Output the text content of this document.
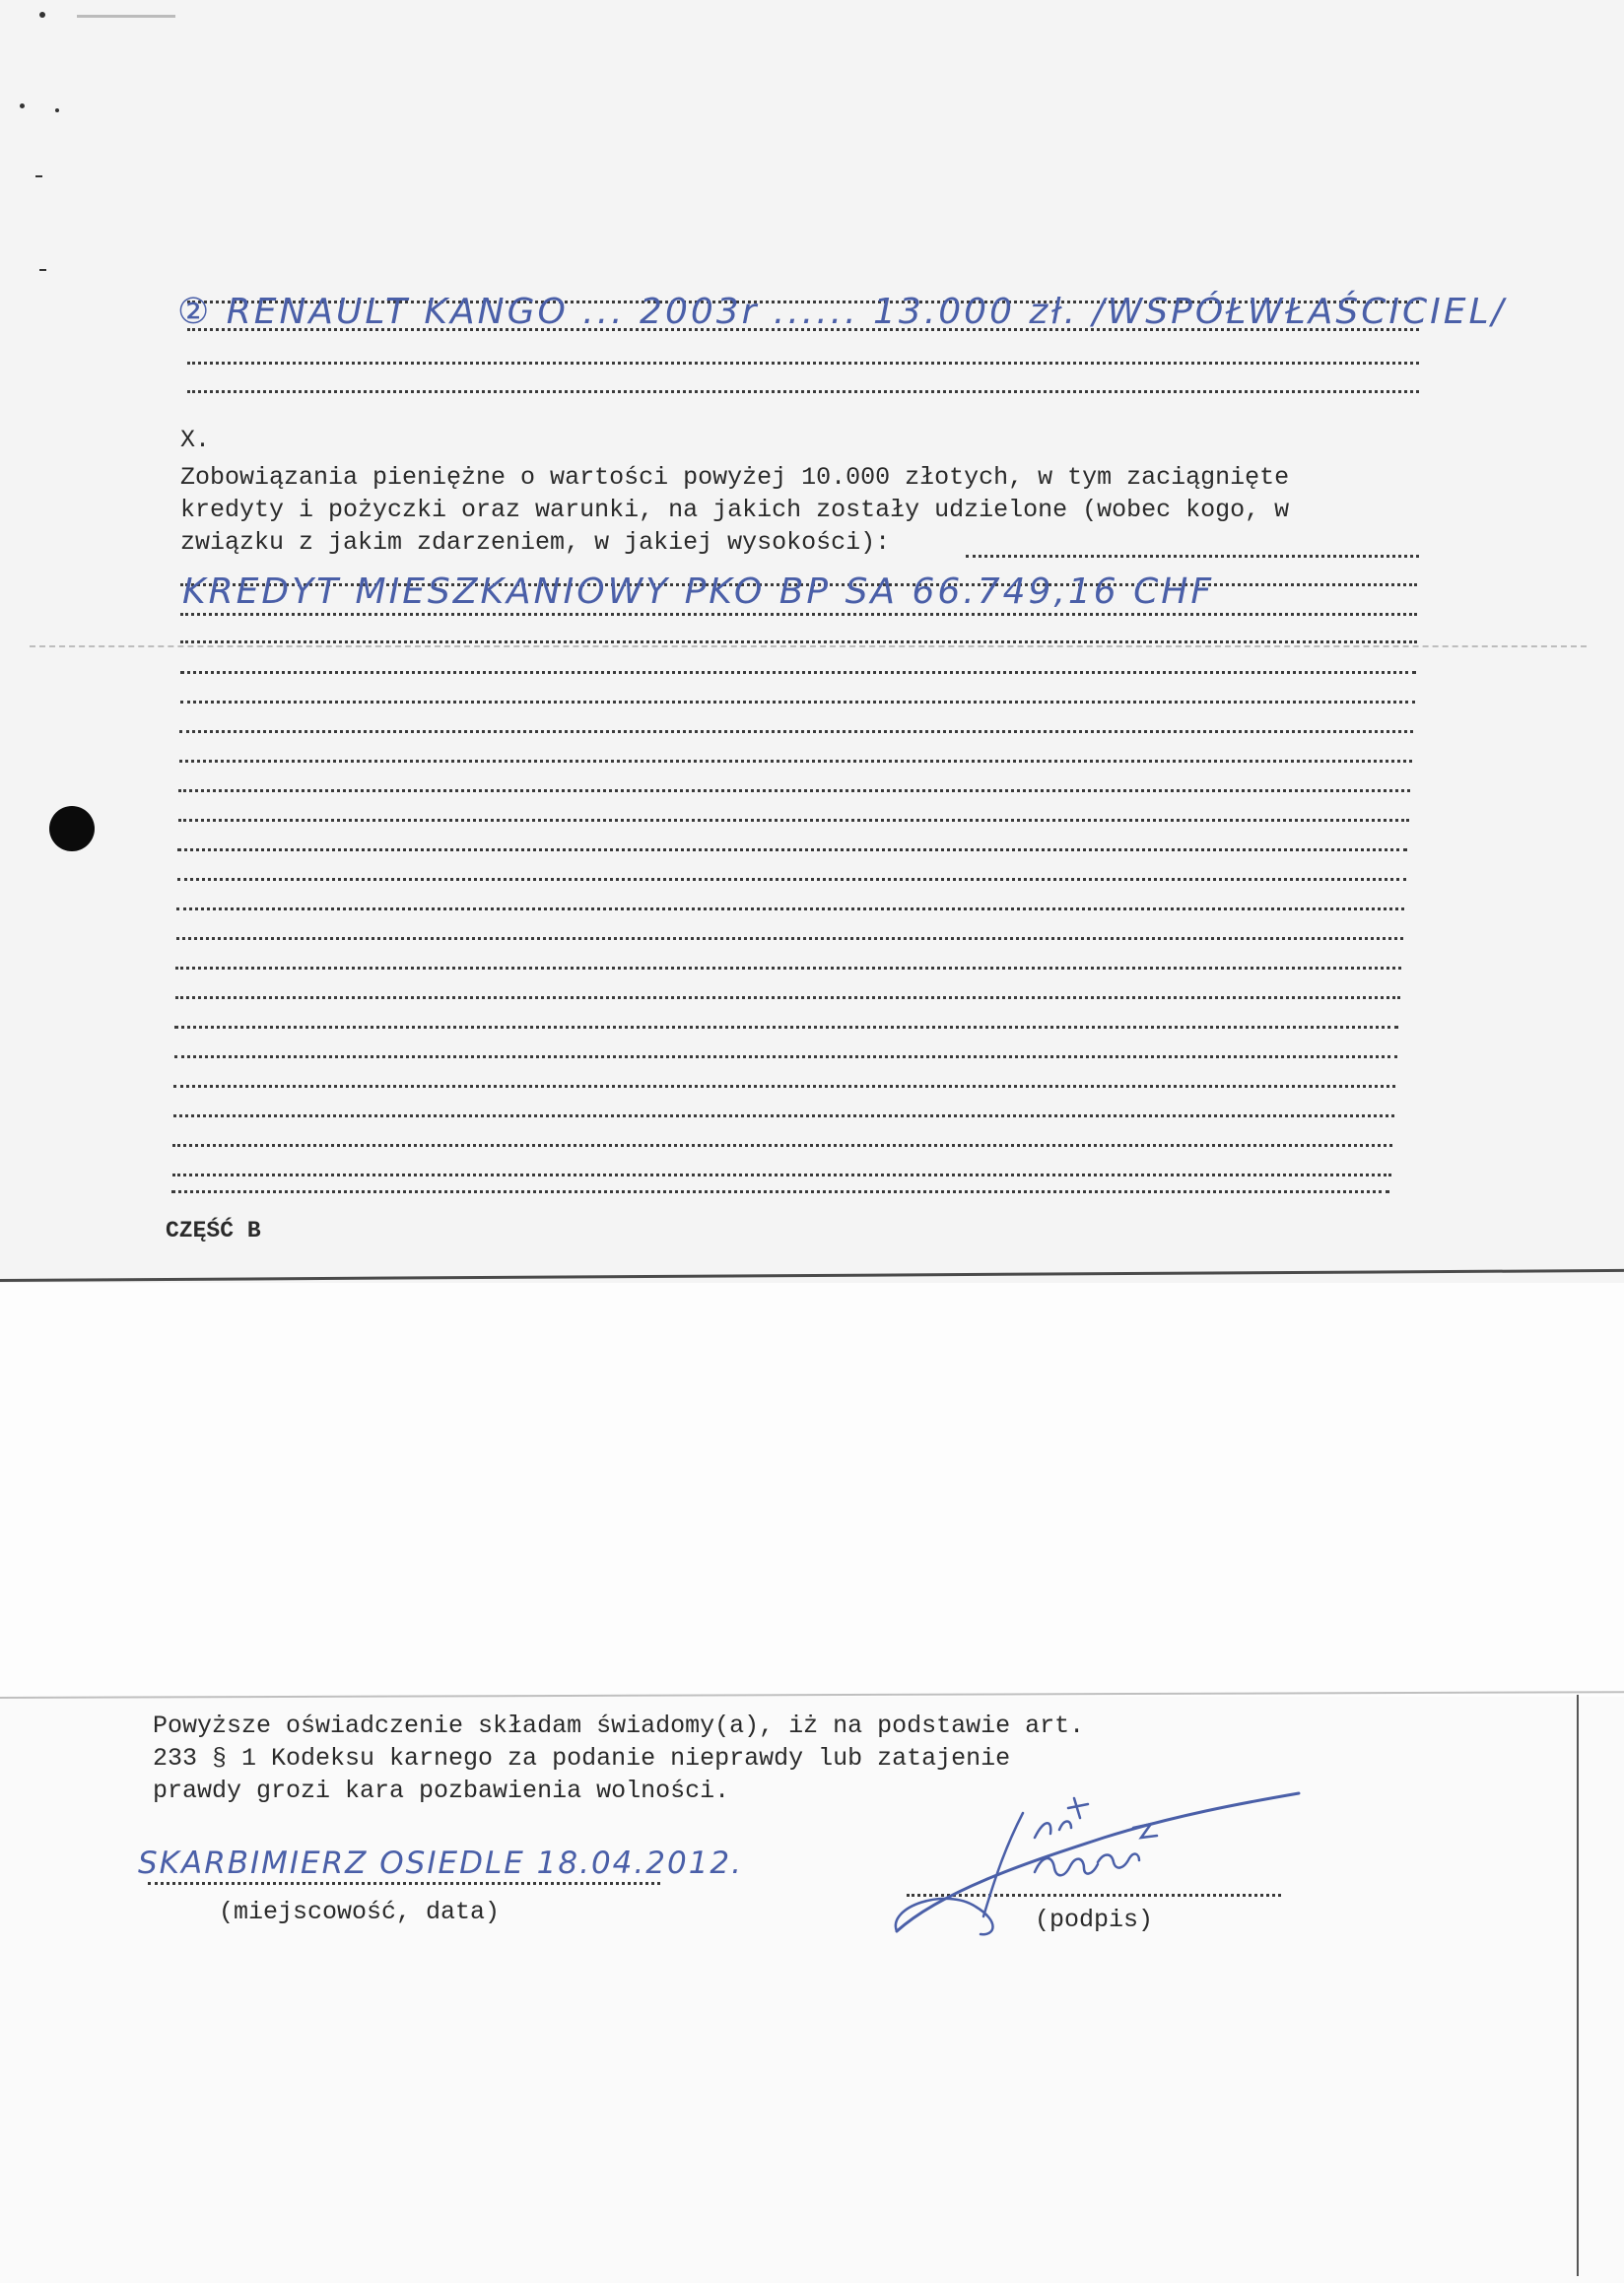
② RENAULT KANGO ... 2003r ...... 13.000 zł. /WSPÓŁWŁAŚCICIEL/
X.
Zobowiązania pieniężne o wartości powyżej 10.000 złotych, w tym zaciągnięte
kredyty i pożyczki oraz warunki, na jakich zostały udzielone (wobec kogo, w
związku z jakim zdarzeniem, w jakiej wysokości):
KREDYT MIESZKANIOWY PKO BP SA 66.749,16 CHF
CZĘŚĆ B
Powyższe oświadczenie składam świadomy(a), iż na podstawie art.
233 § 1 Kodeksu karnego za podanie nieprawdy lub zatajenie
prawdy grozi kara pozbawienia wolności.
SKARBIMIERZ OSIEDLE 18.04.2012.
(miejscowość, data)	(podpis)
